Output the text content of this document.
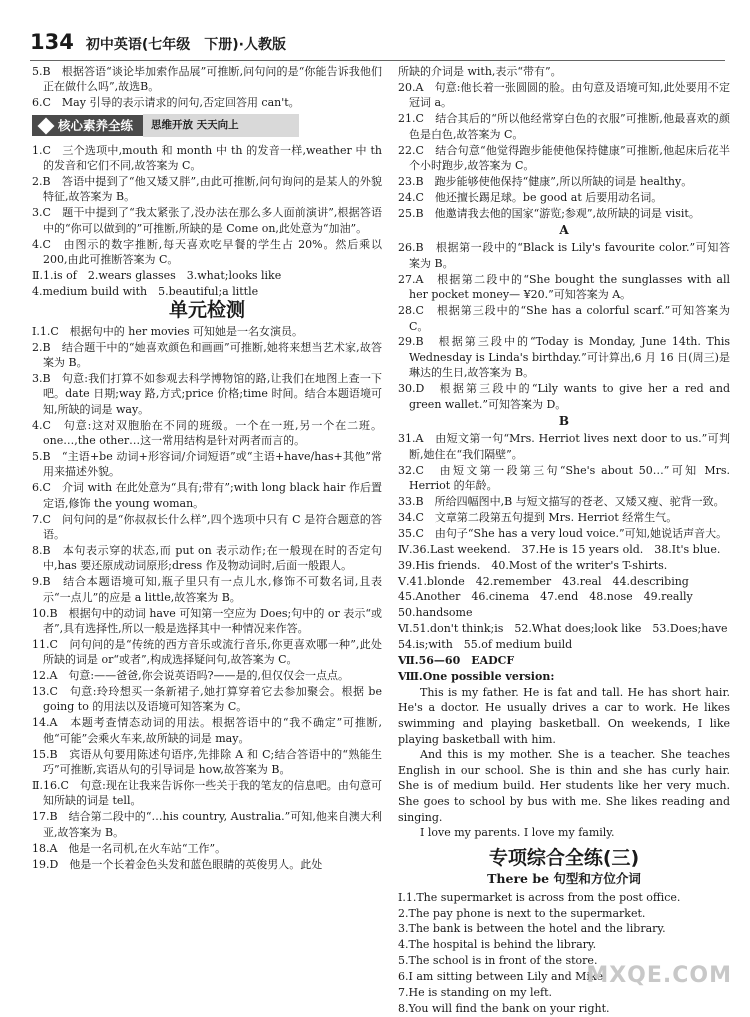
134 初中英语(七年级　下册)·人教版
5.B　根据答语“谈论毕加索作品展”可推断,问句问的是“你能告诉我他们正在做什么吗”,故选B。
6.C　May 引导的表示请求的问句,否定回答用 can't。
核心素养全练	思维开放 天天向上
1.C　三个选项中,mouth 和 month 中 th 的发音一样,weather 中 th 的发音和它们不同,故答案为 C。
2.B　答语中提到了“他又矮又胖”,由此可推断,问句询问的是某人的外貌特征,故答案为 B。
3.C　题干中提到了“我太紧张了,没办法在那么多人面前演讲”,根据答语中的“你可以做到的”可推断,所缺的是 Come on,此处意为“加油”。
4.C　由图示的数字推断,每天喜欢吃早餐的学生占 20%。然后乘以 200,由此可推断答案为 C。
Ⅱ.1.is of　2.wears glasses　3.what;looks like
4.medium build with　5.beautiful;a little
单元检测
Ⅰ.1.C　根据句中的 her movies 可知她是一名女演员。
2.B　结合题干中的“她喜欢颜色和画画”可推断,她将来想当艺术家,故答案为 B。
3.B　句意:我们打算不如参观去科学博物馆的路,让我们在地图上查一下吧。date 日期;way 路,方式;price 价格;time 时间。结合本题语境可知,所缺的词是 way。
4.C　句意:这对双胞胎在不同的班级。一个在一班,另一个在二班。one…,the other…这一常用结构是针对两者而言的。
5.B　“主语+be 动词+形容词/介词短语”或“主语+have/has+其他”常用来描述外貌。
6.C　介词 with 在此处意为“具有;带有”;with long black hair 作后置定语,修饰 the young woman。
7.C　问句问的是“你叔叔长什么样”,四个选项中只有 C 是符合题意的答语。
8.B　本句表示穿的状态,而 put on 表示动作;在一般现在时的否定句中,has 要还原成动词原形;dress 作及物动词时,后面一般跟人。
9.B　结合本题语境可知,瓶子里只有一点儿水,修饰不可数名词,且表示“一点儿”的应是 a little,故答案为 B。
10.B　根据句中的动词 have 可知第一空应为 Does;句中的 or 表示“或者”,具有选择性,所以一般是选择其中一种情况来作答。
11.C　问句问的是“传统的西方音乐或流行音乐,你更喜欢哪一种”,此处所缺的词是 or“或者”,构成选择疑问句,故答案为 C。
12.A　句意:——爸爸,你会说英语吗?——是的,但仅仅会一点点。
13.C　句意:玲玲想买一条新裙子,她打算穿着它去参加聚会。根据 be going to 的用法以及语境可知答案为 C。
14.A　本题考查情态动词的用法。根据答语中的“我不确定”可推断,他“可能”会乘火车来,故所缺的词是 may。
15.B　宾语从句要用陈述句语序,先排除 A 和 C;结合答语中的“熟能生巧”可推断,宾语从句的引导词是 how,故答案为 B。
Ⅱ.16.C　句意:现在让我来告诉你一些关于我的笔友的信息吧。由句意可知所缺的词是 tell。
17.B　结合第二段中的“…his country, Australia.”可知,他来自澳大利亚,故答案为 B。
18.A　他是一名司机,在火车站“工作”。
19.D　他是一个长着金色头发和蓝色眼睛的英俊男人。此处
所缺的介词是 with,表示“带有”。
20.A　句意:他长着一张圆圆的脸。由句意及语境可知,此处要用不定冠词 a。
21.C　结合其后的“所以他经常穿白色的衣服”可推断,他最喜欢的颜色是白色,故答案为 C。
22.C　结合句意“他觉得跑步能使他保持健康”可推断,他起床后花半个小时跑步,故答案为 C。
23.B　跑步能够使他保持“健康”,所以所缺的词是 healthy。
24.C　他还擅长踢足球。be good at 后要用动名词。
25.B　他邀请我去他的国家“游览;参观”,故所缺的词是 visit。
A
26.B　根据第一段中的“Black is Lily's favourite color.”可知答案为 B。
27.A　根据第二段中的“She bought the sunglasses with all her pocket money— ¥20.”可知答案为 A。
28.C　根据第三段中的“She has a colorful scarf.”可知答案为 C。
29.B　根据第三段中的“Today is Monday, June 14th. This Wednesday is Linda's birthday.”可计算出,6 月 16 日(周三)是琳达的生日,故答案为 B。
30.D　根据第三段中的“Lily wants to give her a red and green wallet.”可知答案为 D。
B
31.A　由短文第一句“Mrs. Herriot lives next door to us.”可判断,她住在“我们隔壁”。
32.C　由短文第一段第三句“She's about 50…”可知 Mrs. Herriot 的年龄。
33.B　所给四幅图中,B 与短文描写的苍老、又矮又瘦、驼背一致。
34.C　文章第二段第五句提到 Mrs. Herriot 经常生气。
35.C　由句子“She has a very loud voice.”可知,她说话声音大。
Ⅳ.36.Last weekend.　37.He is 15 years old.　38.It's blue.
39.His friends.　40.Most of the writer's T-shirts.
Ⅴ.41.blonde　42.remember　43.real　44.describing
45.Another　46.cinema　47.end　48.nose　49.really
50.handsome
Ⅵ.51.don't think;is　52.What does;look like　53.Does;have
54.is;with　55.of medium build
Ⅶ.56—60　EADCF
Ⅷ.One possible version:
This is my father. He is fat and tall. He has short hair. He's a doctor. He usually drives a car to work. He likes swimming and playing basketball. On weekends, I like playing basketball with him.
And this is my mother. She is a teacher. She teaches English in our school. She is thin and she has curly hair. She is of medium build. Her students like her very much. She goes to school by bus with me. She likes reading and singing.
I love my parents. I love my family.
专项综合全练(三)
There be 句型和方位介词
Ⅰ.1.The supermarket is across from the post office.
2.The pay phone is next to the supermarket.
3.The bank is between the hotel and the library.
4.The hospital is behind the library.
5.The school is in front of the store.
6.I am sitting between Lily and Mike.
7.He is standing on my left.
8.You will find the bank on your right.
MXQE.COM
